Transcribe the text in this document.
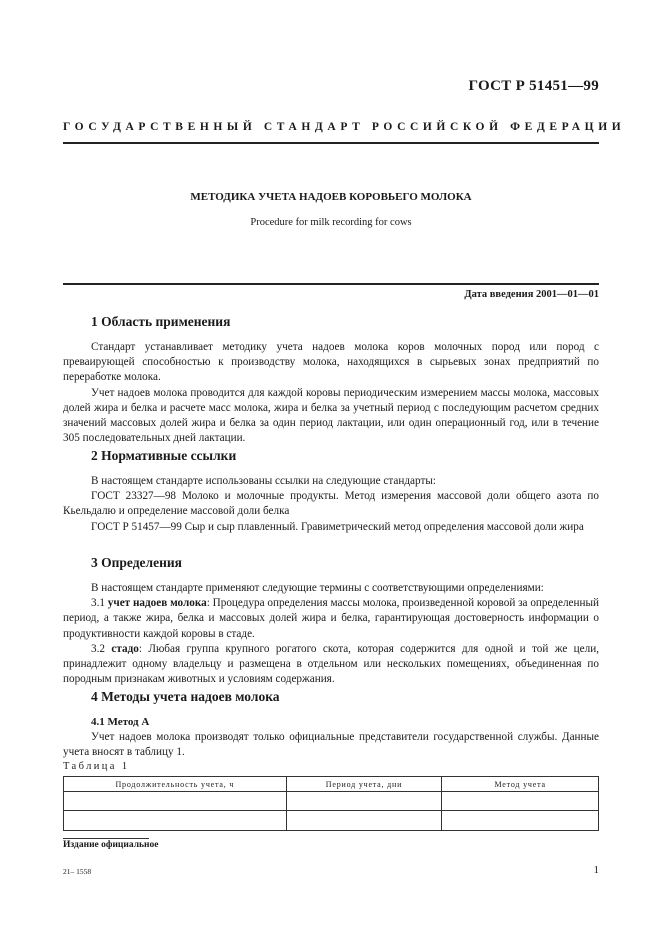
ГОСТ Р 51451—99
ГОСУДАРСТВЕННЫЙ СТАНДАРТ РОССИЙСКОЙ ФЕДЕРАЦИИ
МЕТОДИКА УЧЕТА НАДОЕВ КОРОВЬЕГО МОЛОКА
Procedure for milk recording for cows
Дата введения 2001—01—01
1 Область применения

Стандарт устанавливает методику учета надоев молока коров молочных пород или пород с преваирующей способностью к производству молока, находящихся в сырьевых зонах предприятий по переработке молока.

Учет надоев молока проводится для каждой коровы периодическим измерением массы молока, массовых долей жира и белка и расчете масс молока, жира и белка за учетный период с последующим расчетом средних значений массовых долей жира и белка за один период лактации, или один операционный год, или в течение 305 последовательных дней лактации.

2 Нормативные ссылки

В настоящем стандарте использованы ссылки на следующие стандарты:

ГОСТ 23327—98 Молоко и молочные продукты. Метод измерения массовой доли общего азота по Кьельдалю и определение массовой доли белка

ГОСТ Р 51457—99 Сыр и сыр плавленный. Гравиметрический метод определения массовой доли жира

3 Определения

В настоящем стандарте применяют следующие термины с соответствующими определениями:

3.1 учет надоев молока: Процедура определения массы молока, произведенной коровой за определенный период, а также жира, белка и массовых долей жира и белка, гарантирующая достоверность информации о продуктивности каждой коровы в стаде.

3.2 стадо: Любая группа крупного рогатого скота, которая содержится для одной и той же цели, принадлежит одному владельцу и размещена в отдельном или нескольких помещениях, объединенная по породным признакам животных и условиям содержания.

4 Методы учета надоев молока
4.1 Метод А

Учет надоев молока производят только официальные представители государственной службы. Данные учета вносят в таблицу 1.

Таблица 1
Продолжительность учета, ч	Период учета, дни	Метод учета

Издание официальное
21– 1558	1
